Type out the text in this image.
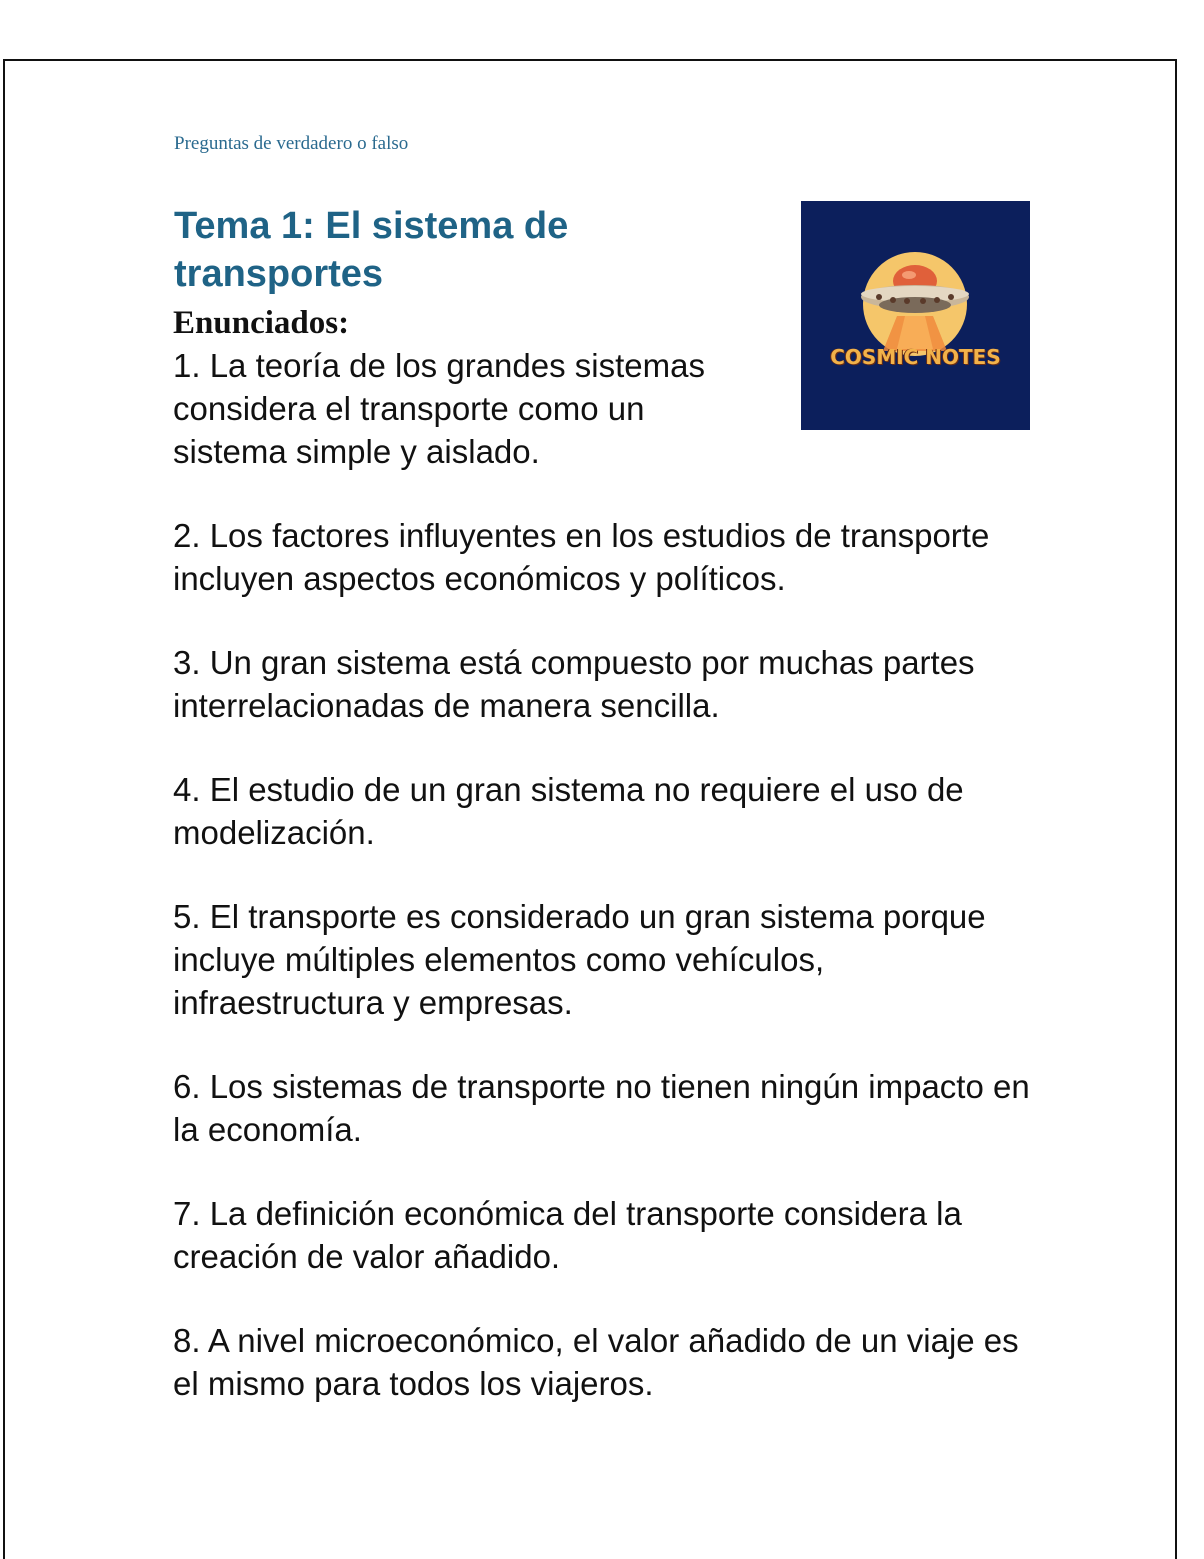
Preguntas de verdadero o falso
Tema 1: El sistema de transportes
COSMIC NOTES
Enunciados:
1. La teoría de los grandes sistemas considera el transporte como un sistema simple y aislado.
2. Los factores influyentes en los estudios de transporte incluyen aspectos económicos y políticos.
3. Un gran sistema está compuesto por muchas partes interrelacionadas de manera sencilla.
4. El estudio de un gran sistema no requiere el uso de modelización.
5. El transporte es considerado un gran sistema porque incluye múltiples elementos como vehículos, infraestructura y empresas.
6. Los sistemas de transporte no tienen ningún impacto en la economía.
7. La definición económica del transporte considera la creación de valor añadido.
8. A nivel microeconómico, el valor añadido de un viaje es el mismo para todos los viajeros.
